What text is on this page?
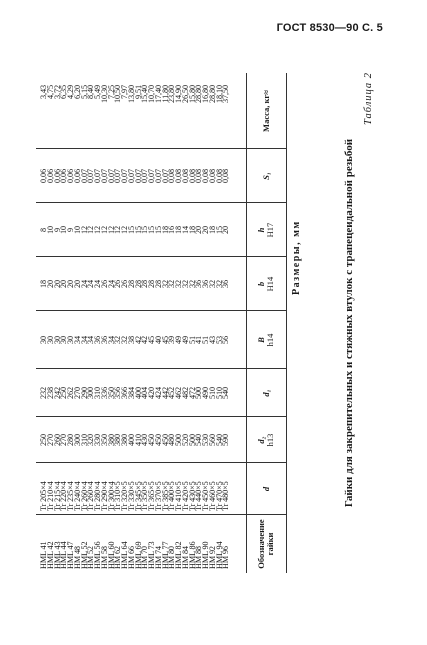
ГОСТ 8530—90 С. 5
Таблица 2
Гайки для закрепительных и стяжных втулок с трапецеидальной резьбой
Размеры, мм
Обозначение гайки
d
d₂ h13
d₁
B h14
b H14
h H17
S₁
Масса, кг≈
HML 41
HML 42
HML 43
HML 44
HML 47
HM 48
HML 52
HM 52
HML 56
HM 58
HML 60
HM 62
HML 64
HM 66
HML 69
HM 70
HML 73
HM 74
HML 77
HM 80
HML 82
HM 84
HML 86
HM 88
HML 90
HM 92
HML 94
HM 96
Tr 205×4
Tr 210×4
Tr 215×4
Tr 220×4
Tr 235×4
Tr 240×4
Tr 260×4
Tr 260×4
Tr 280×4
Tr 290×4
Tr 300×4
Tr 310×5
Tr 320×5
Tr 330×5
Tr 345×5
Tr 350×5
Tr 365×5
Tr 370×5
Tr 385×5
Tr 400×5
Tr 410×5
Tr 420×5
Tr 430×5
Tr 440×5
Tr 450×5
Tr 460×5
Tr 470×5
Tr 480×5
250
270
260
270
280
300
310
320
330
350
380
380
380
400
410
430
450
450
450
480
500
520
500
540
530
560
540
590
232
238
242
250
262
270
290
300
310
336
350
356
366
384
400
404
420
424
442
452
462
482
472
500
490
510
510
540
30
30
30
30
30
34
34
34
36
36
34
32
32
38
42
42
45
40
45
39
49
49
51
41
51
43
53
56
18
20
20
20
20
20
24
24
24
26
24
26
26
28
28
28
28
28
32
32
32
32
32
36
36
32
32
36
8
10
9
10
9
10
12
12
12
12
12
12
12
15
15
15
15
15
18
16
18
14
18
20
20
18
15
20
0,06
0,06
0,06
0,06
0,06
0,06
0,07
0,07
0,07
0,07
0,07
0,07
0,07
0,07
0,07
0,07
0,07
0,07
0,07
0,08
0,08
0,08
0,08
0,08
0,08
0,08
0,08
0,08
3,43
4,75
3,72
6,35
4,29
6,20
5,15
8,40
5,49
10,30
7,25
10,50
7,97
13,80
9,51
15,40
10,70
17,40
11,80
23,80
14,90
26,50
15,80
28,80
16,80
28,80
18,10
37,50
